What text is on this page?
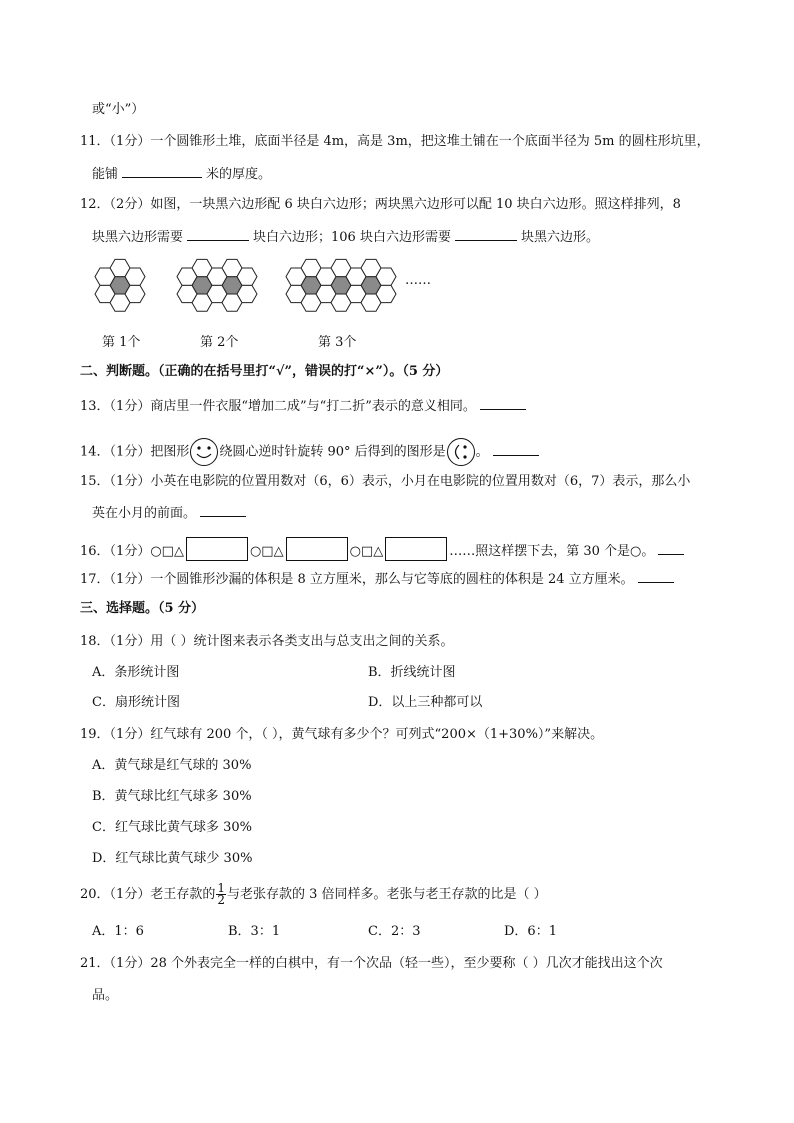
或“小”）
11．（1分）一个圆锥形土堆，底面半径是 4m，高是 3m，把这堆土铺在一个底面半径为 5m 的圆柱形坑里，
能铺	米的厚度。
12．（2分）如图，一块黑六边形配 6 块白六边形；两块黑六边形可以配 10 块白六边形。照这样排列，8
块黑六边形需要	块白六边形；106 块白六边形需要	块黑六边形。
……
第 1个	第 2个	第 3个
二、判断题。（正确的在括号里打“√”，错误的打“×”）。（5 分）
13．（1分）商店里一件衣服“增加二成”与“打二折”表示的意义相同。
14．（1分）把图形 绕圆心逆时针旋转 90° 后得到的图形是 。
15．（1分）小英在电影院的位置用数对（6，6）表示，小月在电影院的位置用数对（6，7）表示，那么小
英在小月的前面。
16．（1分）○□△	○□△	○□△	……照这样摆下去，第 30 个是○。
17．（1分）一个圆锥形沙漏的体积是 8 立方厘米，那么与它等底的圆柱的体积是 24 立方厘米。
三、选择题。（5 分）
18．（1分）用（ ）统计图来表示各类支出与总支出之间的关系。
A．条形统计图	B．折线统计图
C．扇形统计图	D．以上三种都可以
19．（1分）红气球有 200 个，（ ），黄气球有多少个？可列式“200×（1+30%）”来解决。
A．黄气球是红气球的 30%
B．黄气球比红气球多 30%
C．红气球比黄气球多 30%
D．红气球比黄气球少 30%
20．（1分）老王存款的 $\frac{1}{2}$ 与老张存款的 3 倍同样多。老张与老王存款的比是（ ）
A．1：6	B．3：1	C．2：3	D．6：1
21．（1分）28 个外表完全一样的白棋中，有一个次品（轻一些），至少要称（ ）几次才能找出这个次
品。
